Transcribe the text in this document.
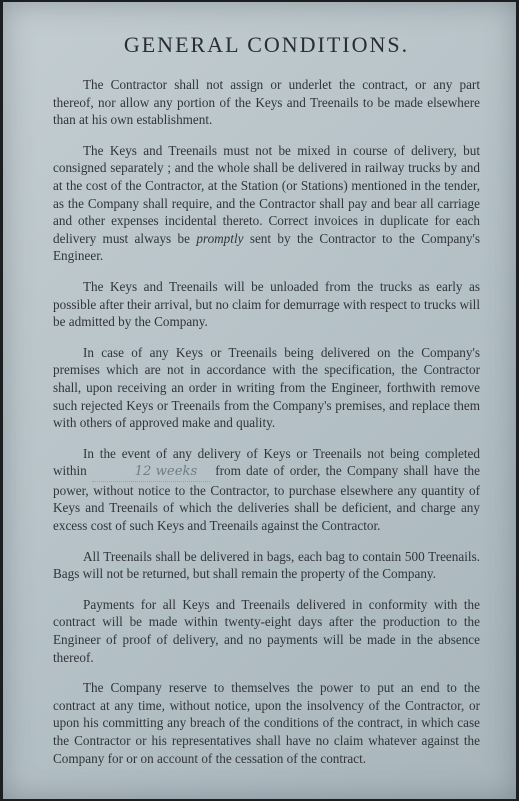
GENERAL CONDITIONS.

The Contractor shall not assign or underlet the contract, or any part thereof, nor allow any portion of the Keys and Treenails to be made elsewhere than at his own establishment.

The Keys and Treenails must not be mixed in course of delivery, but consigned separately ; and the whole shall be delivered in railway trucks by and at the cost of the Contractor, at the Station (or Stations) mentioned in the tender, as the Company shall require, and the Contractor shall pay and bear all carriage and other expenses incidental thereto. Correct invoices in duplicate for each delivery must always be promptly sent by the Contractor to the Company's Engineer.

The Keys and Treenails will be unloaded from the trucks as early as possible after their arrival, but no claim for demurrage with respect to trucks will be admitted by the Company.

In case of any Keys or Treenails being delivered on the Company's premises which are not in accordance with the specification, the Contractor shall, upon receiving an order in writing from the Engineer, forthwith remove such rejected Keys or Treenails from the Company's premises, and replace them with others of approved make and quality.

In the event of any delivery of Keys or Treenails not being completed within	12 weeks from date of order, the Company shall have the power, without notice to the Contractor, to purchase elsewhere any quantity of Keys and Treenails of which the deliveries shall be deficient, and charge any excess cost of such Keys and Treenails against the Contractor.

All Treenails shall be delivered in bags, each bag to contain 500 Treenails. Bags will not be returned, but shall remain the property of the Company.

Payments for all Keys and Treenails delivered in conformity with the contract will be made within twenty-eight days after the production to the Engineer of proof of delivery, and no payments will be made in the absence thereof.

The Company reserve to themselves the power to put an end to the contract at any time, without notice, upon the insolvency of the Contractor, or upon his committing any breach of the conditions of the contract, in which case the Contractor or his representatives shall have no claim whatever against the Company for or on account of the cessation of the contract.
